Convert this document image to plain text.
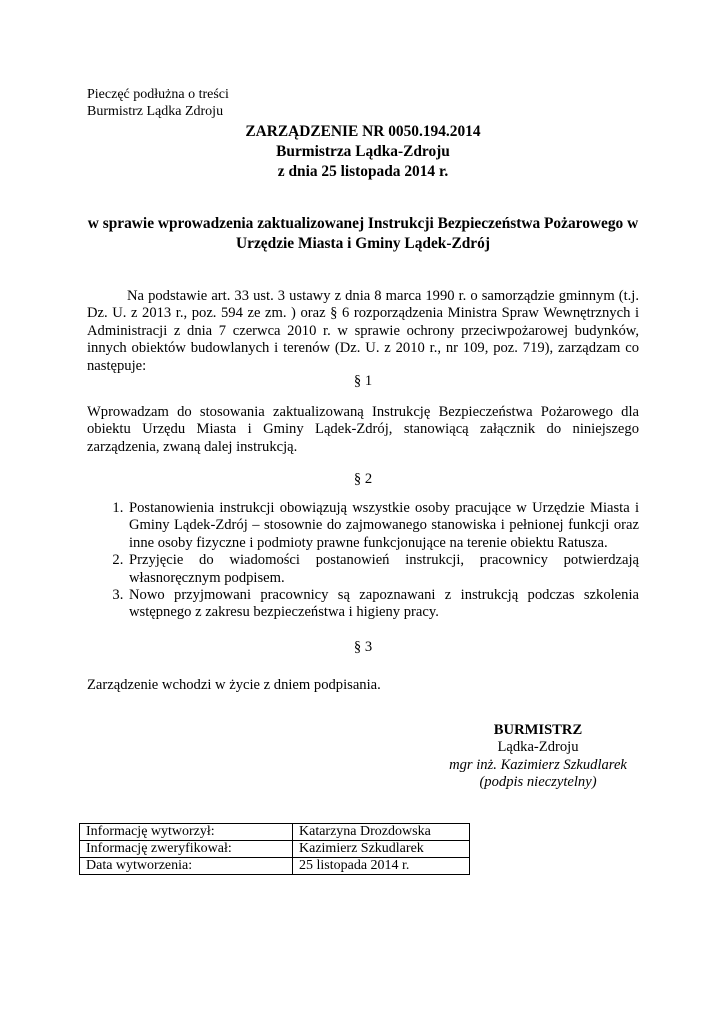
Pieczęć podłużna o treści
Burmistrz Lądka Zdroju
ZARZĄDZENIE NR 0050.194.2014
Burmistrza Lądka-Zdroju
z dnia 25 listopada 2014 r.
w sprawie wprowadzenia zaktualizowanej Instrukcji Bezpieczeństwa Pożarowego w Urzędzie Miasta i Gminy Lądek-Zdrój
Na podstawie art. 33 ust. 3 ustawy z dnia 8 marca 1990 r. o samorządzie gminnym (t.j. Dz. U. z 2013 r., poz. 594 ze zm. ) oraz § 6 rozporządzenia Ministra Spraw Wewnętrznych i Administracji z dnia 7 czerwca 2010 r. w sprawie ochrony przeciwpożarowej budynków, innych obiektów budowlanych i terenów (Dz. U. z 2010 r., nr 109, poz. 719), zarządzam co następuje:
§ 1
Wprowadzam do stosowania zaktualizowaną Instrukcję Bezpieczeństwa Pożarowego dla obiektu Urzędu Miasta i Gminy Lądek-Zdrój, stanowiącą załącznik do niniejszego zarządzenia, zwaną dalej instrukcją.
§ 2
1. Postanowienia instrukcji obowiązują wszystkie osoby pracujące w Urzędzie Miasta i Gminy Lądek-Zdrój – stosownie do zajmowanego stanowiska i pełnionej funkcji oraz inne osoby fizyczne i podmioty prawne funkcjonujące na terenie obiektu Ratusza.
2. Przyjęcie do wiadomości postanowień instrukcji, pracownicy potwierdzają własnoręcznym podpisem.
3. Nowo przyjmowani pracownicy są zapoznawani z instrukcją podczas szkolenia wstępnego z zakresu bezpieczeństwa i higieny pracy.
§ 3
Zarządzenie wchodzi w życie z dniem podpisania.
BURMISTRZ
Lądka-Zdroju
mgr inż. Kazimierz Szkudlarek
(podpis nieczytelny)
Informację wytworzył:	Katarzyna Drozdowska
Informację zweryfikował:	Kazimierz Szkudlarek
Data wytworzenia:	25 listopada 2014 r.
